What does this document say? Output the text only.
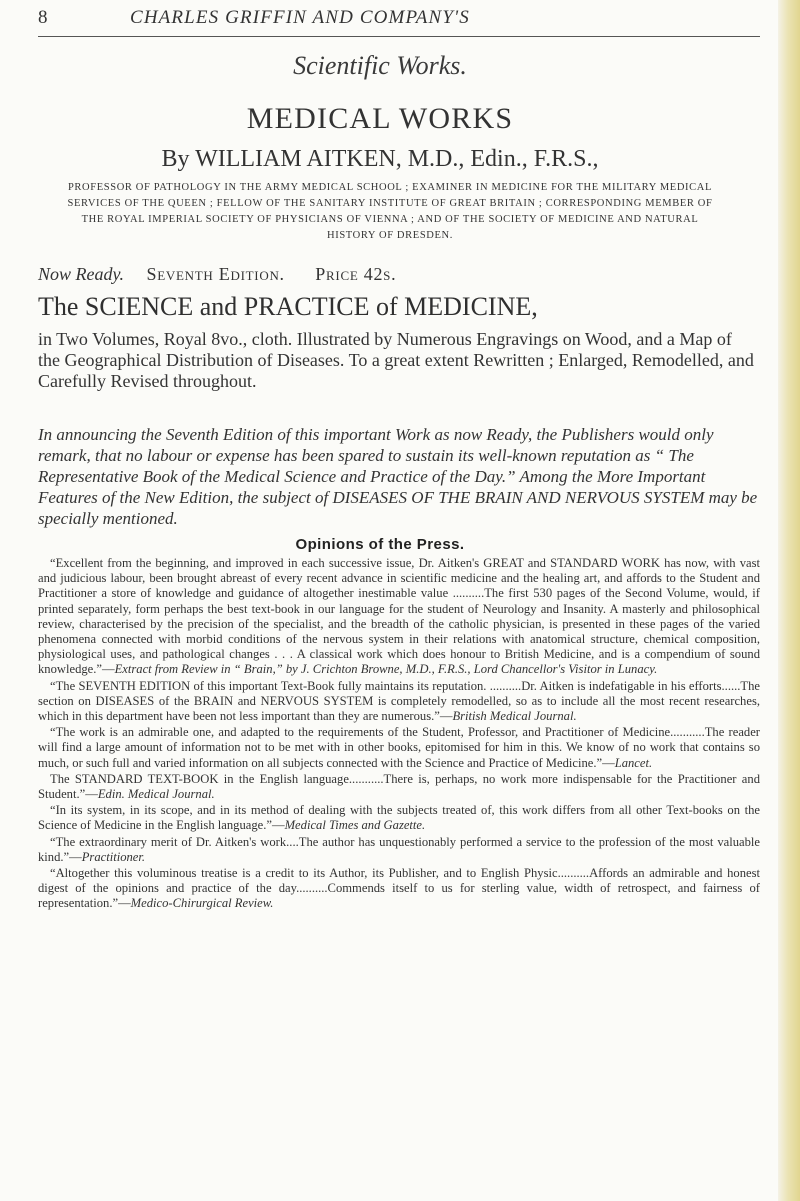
8	CHARLES GRIFFIN AND COMPANY'S
Scientific Works.
MEDICAL WORKS
By WILLIAM AITKEN, M.D., Edin., F.R.S.,
PROFESSOR OF PATHOLOGY IN THE ARMY MEDICAL SCHOOL ; EXAMINER IN MEDICINE FOR THE MILITARY MEDICAL SERVICES OF THE QUEEN ; FELLOW OF THE SANITARY INSTITUTE OF GREAT BRITAIN ; CORRESPONDING MEMBER OF THE ROYAL IMPERIAL SOCIETY OF PHYSICIANS OF VIENNA ; AND OF THE SOCIETY OF MEDICINE AND NATURAL HISTORY OF DRESDEN.
Now Ready. Seventh Edition. Price 42s.
The SCIENCE and PRACTICE of MEDICINE,
in Two Volumes, Royal 8vo., cloth. Illustrated by Numerous Engravings on Wood, and a Map of the Geographical Distribution of Diseases. To a great extent Rewritten ; Enlarged, Remodelled, and Carefully Revised throughout.
In announcing the Seventh Edition of this important Work as now Ready, the Publishers would only remark, that no labour or expense has been spared to sustain its well-known reputation as “ The Representative Book of the Medical Science and Practice of the Day.” Among the More Important Features of the New Edition, the subject of DISEASES OF THE BRAIN AND NERVOUS SYSTEM may be specially mentioned.
Opinions of the Press.

“Excellent from the beginning, and improved in each successive issue, Dr. Aitken's GREAT and STANDARD WORK has now, with vast and judicious labour, been brought abreast of every recent advance in scientific medicine and the healing art, and affords to the Student and Practitioner a store of knowledge and guidance of altogether inestimable value ..........The first 530 pages of the Second Volume, would, if printed separately, form perhaps the best text-book in our language for the student of Neurology and Insanity. A masterly and philosophical review, characterised by the precision of the specialist, and the breadth of the catholic physician, is presented in these pages of the varied phenomena connected with morbid conditions of the nervous system in their relations with anatomical structure, chemical composition, physiological uses, and pathological changes . . . A classical work which does honour to British Medicine, and is a compendium of sound knowledge.”—Extract from Review in “ Brain,” by J. Crichton Browne, M.D., F.R.S., Lord Chancellor's Visitor in Lunacy.

“The SEVENTH EDITION of this important Text-Book fully maintains its reputation. ..........Dr. Aitken is indefatigable in his efforts......The section on DISEASES of the BRAIN and NERVOUS SYSTEM is completely remodelled, so as to include all the most recent researches, which in this department have been not less important than they are numerous.”—British Medical Journal.

“The work is an admirable one, and adapted to the requirements of the Student, Professor, and Practitioner of Medicine...........The reader will find a large amount of information not to be met with in other books, epitomised for him in this. We know of no work that contains so much, or such full and varied information on all subjects connected with the Science and Practice of Medicine.”—Lancet.

The STANDARD TEXT-BOOK in the English language...........There is, perhaps, no work more indispensable for the Practitioner and Student.”—Edin. Medical Journal.

“In its system, in its scope, and in its method of dealing with the subjects treated of, this work differs from all other Text-books on the Science of Medicine in the English language.”—Medical Times and Gazette.

“The extraordinary merit of Dr. Aitken's work....The author has unquestionably performed a service to the profession of the most valuable kind.”—Practitioner.

“Altogether this voluminous treatise is a credit to its Author, its Publisher, and to English Physic..........Affords an admirable and honest digest of the opinions and practice of the day..........Commends itself to us for sterling value, width of retrospect, and fairness of representation.”—Medico-Chirurgical Review.
